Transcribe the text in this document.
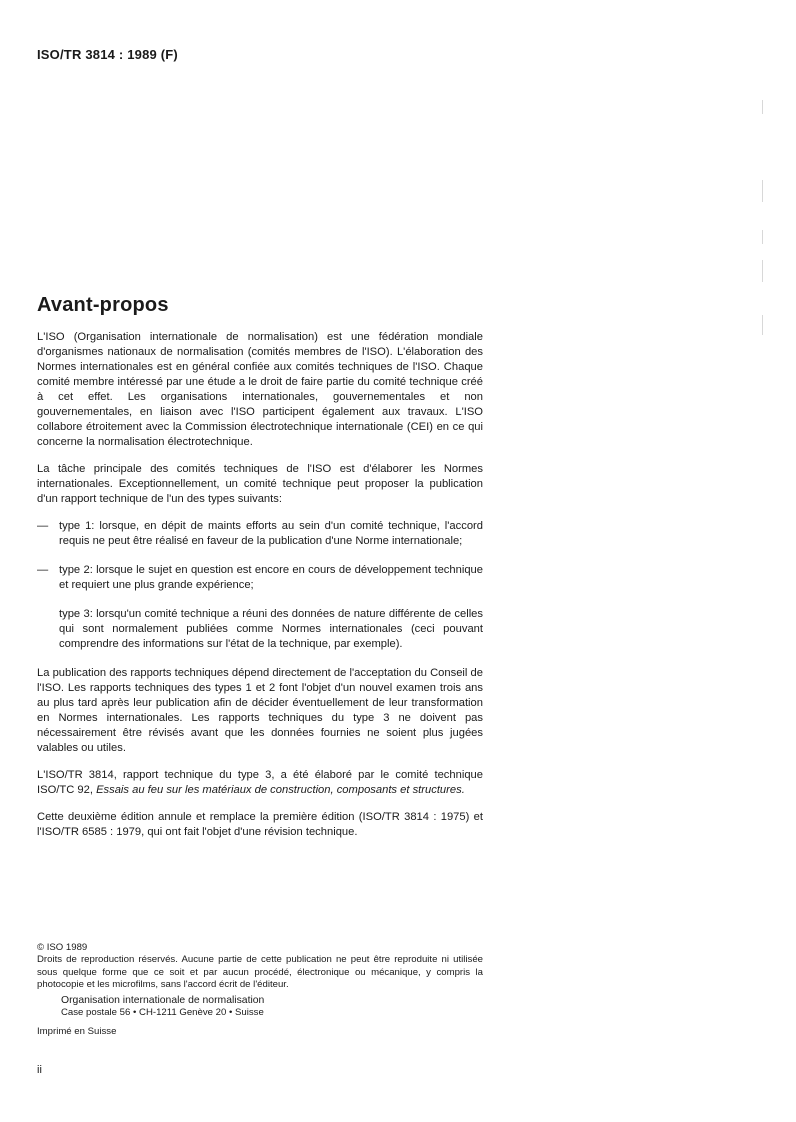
ISO/TR 3814 : 1989 (F)
Avant-propos

L'ISO (Organisation internationale de normalisation) est une fédération mondiale d'organismes nationaux de normalisation (comités membres de l'ISO). L'élaboration des Normes internationales est en général confiée aux comités techniques de l'ISO. Chaque comité membre intéressé par une étude a le droit de faire partie du comité technique créé à cet effet. Les organisations internationales, gouvernementales et non gouvernementales, en liaison avec l'ISO participent également aux travaux. L'ISO collabore étroitement avec la Commission électrotechnique internationale (CEI) en ce qui concerne la normalisation électrotechnique.

La tâche principale des comités techniques de l'ISO est d'élaborer les Normes internationales. Exceptionnellement, un comité technique peut proposer la publication d'un rapport technique de l'un des types suivants:

— type 1: lorsque, en dépit de maints efforts au sein d'un comité technique, l'accord requis ne peut être réalisé en faveur de la publication d'une Norme internationale;
— type 2: lorsque le sujet en question est encore en cours de développement technique et requiert une plus grande expérience;
type 3: lorsqu'un comité technique a réuni des données de nature différente de celles qui sont normalement publiées comme Normes internationales (ceci pouvant comprendre des informations sur l'état de la technique, par exemple).

La publication des rapports techniques dépend directement de l'acceptation du Conseil de l'ISO. Les rapports techniques des types 1 et 2 font l'objet d'un nouvel examen trois ans au plus tard après leur publication afin de décider éventuellement de leur transformation en Normes internationales. Les rapports techniques du type 3 ne doivent pas nécessairement être révisés avant que les données fournies ne soient plus jugées valables ou utiles.

L'ISO/TR 3814, rapport technique du type 3, a été élaboré par le comité technique ISO/TC 92, Essais au feu sur les matériaux de construction, composants et structures.

Cette deuxième édition annule et remplace la première édition (ISO/TR 3814 : 1975) et l'ISO/TR 6585 : 1979, qui ont fait l'objet d'une révision technique.

© ISO 1989

Droits de reproduction réservés. Aucune partie de cette publication ne peut être reproduite ni utilisée sous quelque forme que ce soit et par aucun procédé, électronique ou mécanique, y compris la photocopie et les microfilms, sans l'accord écrit de l'éditeur.

Organisation internationale de normalisation

Case postale 56 • CH-1211 Genève 20 • Suisse

Imprimé en Suisse

ii
